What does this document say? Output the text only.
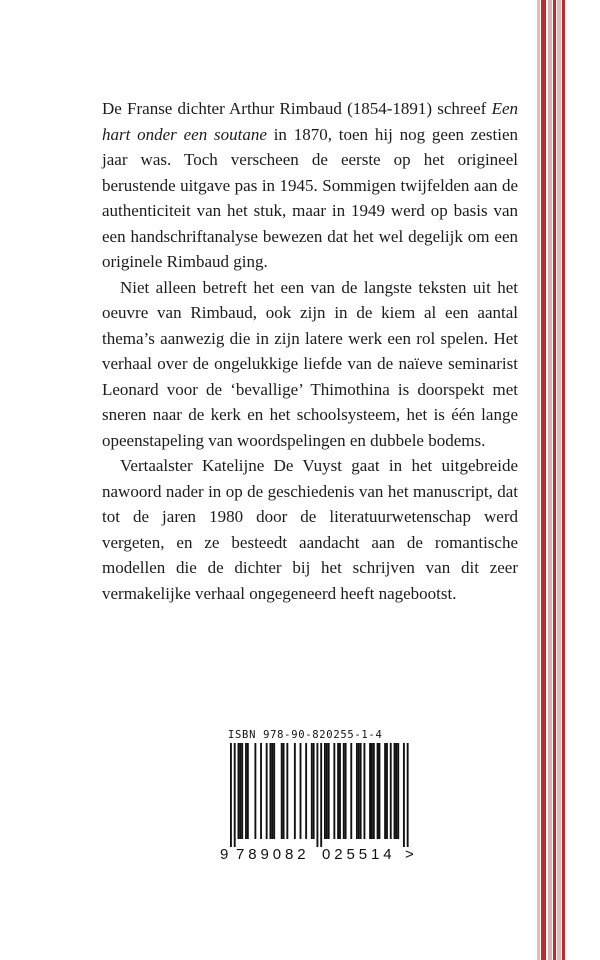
De Franse dichter Arthur Rimbaud (1854-1891) schreef Een hart onder een soutane in 1870, toen hij nog geen zestien jaar was. Toch verscheen de eerste op het origineel berustende uitgave pas in 1945. Sommigen twijfelden aan de authenticiteit van het stuk, maar in 1949 werd op basis van een handschriftanalyse bewezen dat het wel degelijk om een originele Rimbaud ging.

Niet alleen betreft het een van de langste teksten uit het oeuvre van Rimbaud, ook zijn in de kiem al een aantal thema’s aanwezig die in zijn latere werk een rol spelen. Het verhaal over de ongelukkige liefde van de naïeve seminarist Leonard voor de ‘bevallige’ Thimothina is doorspekt met sneren naar de kerk en het schoolsysteem, het is één lange opeenstapeling van woordspelingen en dubbele bodems.

Vertaalster Katelijne De Vuyst gaat in het uitgebreide nawoord nader in op de geschiedenis van het manuscript, dat tot de jaren 1980 door de literatuurwetenschap werd vergeten, en ze besteedt aandacht aan de romantische modellen die de dichter bij het schrijven van dit zeer vermakelijke verhaal ongegeneerd heeft nagebootst.

ISBN 978-90-820255-1-4
9 789082 025514 >
